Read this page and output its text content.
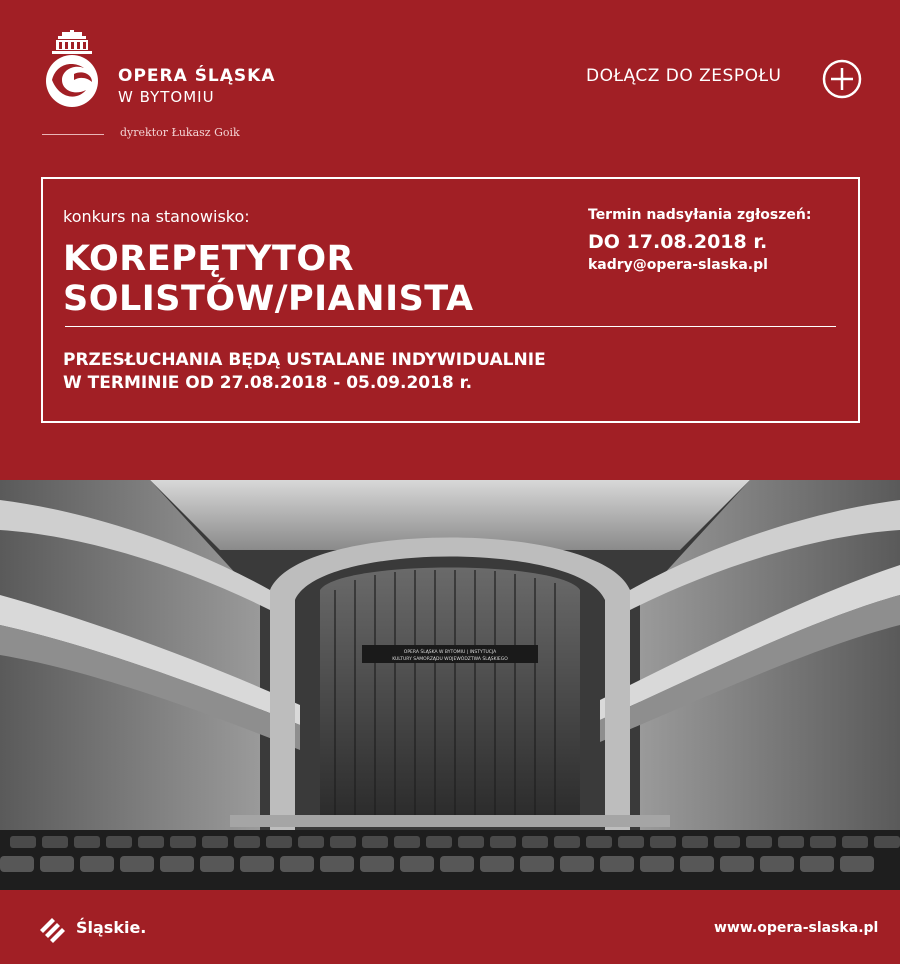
OPERA ŚLĄSKA
W BYTOMIU
dyrektor Łukasz Goik
DOŁĄCZ DO ZESPOŁU
konkurs na stanowisko:
KOREPĘTYTOR
SOLISTÓW/PIANISTA
Termin nadsyłania zgłoszeń:
DO 17.08.2018 r.
kadry@opera-slaska.pl
PRZESŁUCHANIA BĘDĄ USTALANE INDYWIDUALNIE
W TERMINIE OD 27.08.2018 - 05.09.2018 r.
OPERA ŚLĄSKA W BYTOMIU | INSTYTUCJA
KULTURY SAMORZĄDU WOJEWÓDZTWA ŚLĄSKIEGO
Śląskie.	www.opera-slaska.pl
